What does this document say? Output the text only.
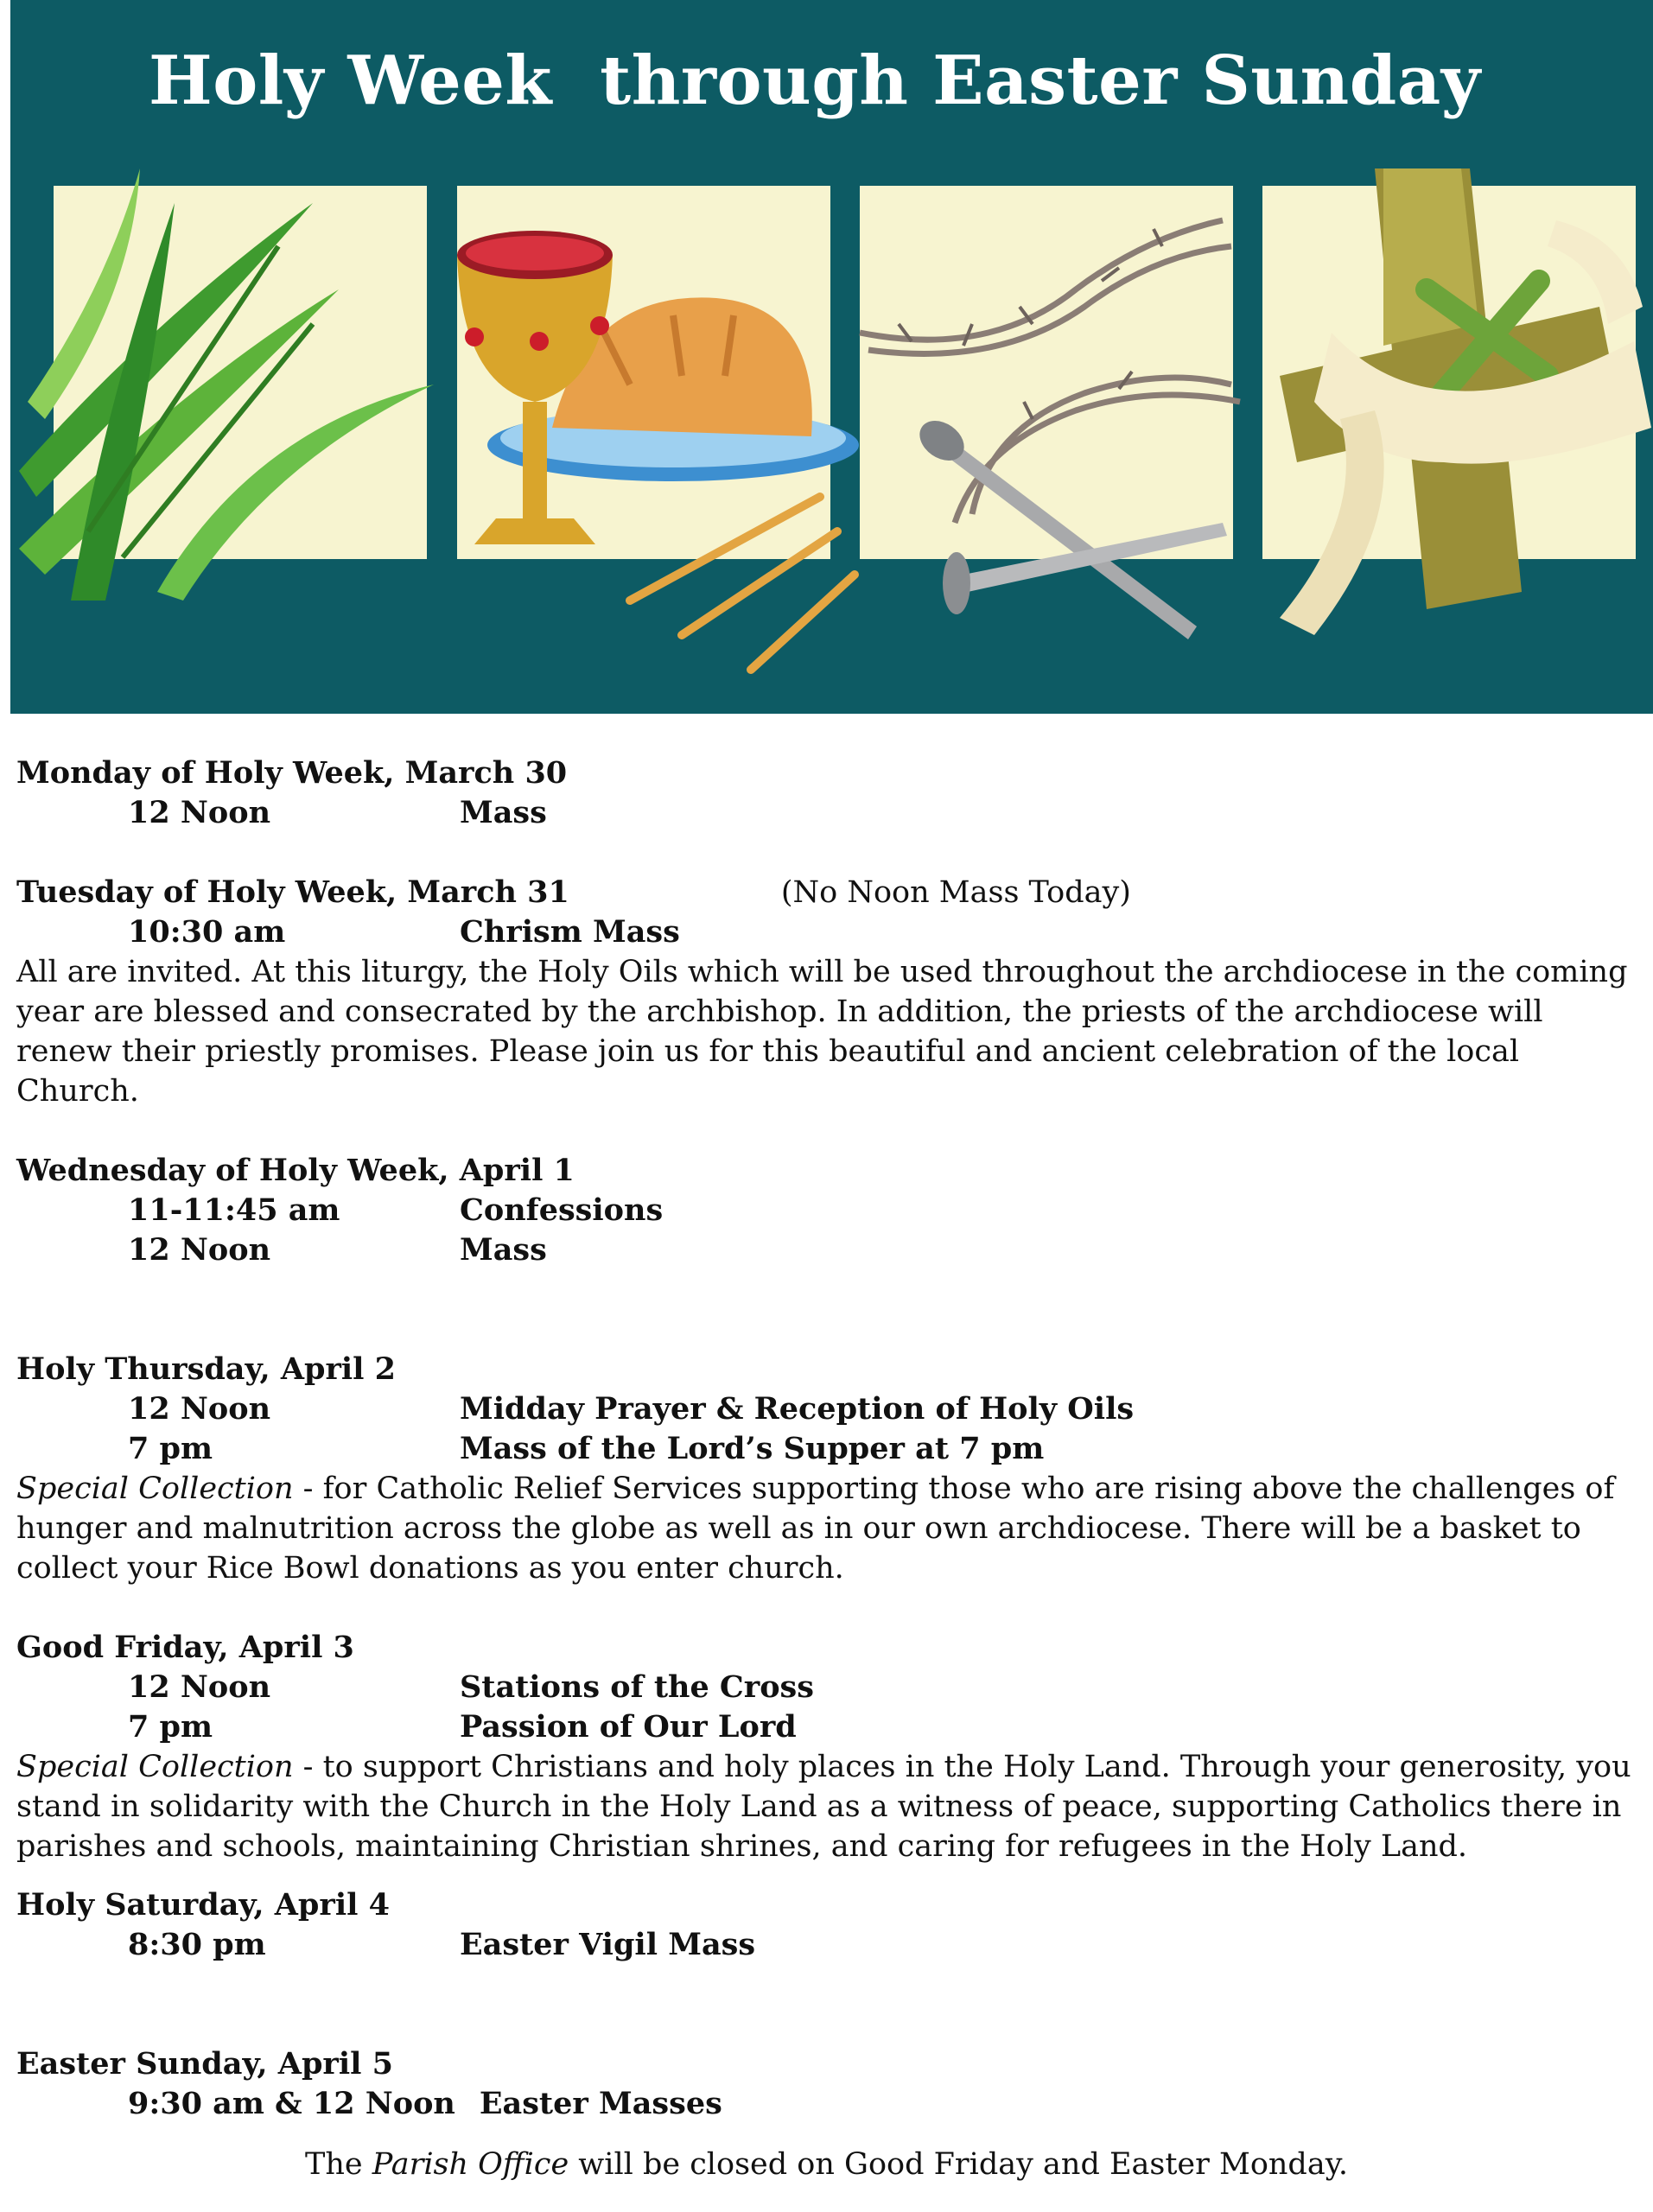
Holy Week  through Easter Sunday
Monday of Holy Week, March 30
12 Noon	Mass
Tuesday of Holy Week, March 31	(No Noon Mass Today)
10:30 am	Chrism Mass
All are invited. At this liturgy, the Holy Oils which will be used throughout the archdiocese in the coming year are blessed and consecrated by the archbishop. In addition, the priests of the archdiocese will renew their priestly promises. Please join us for this beautiful and ancient celebration of the local Church.
Wednesday of Holy Week, April 1
11-11:45 am	Confessions
12 Noon	Mass
Holy Thursday, April 2
12 Noon	Midday Prayer & Reception of Holy Oils
7 pm	Mass of the Lord’s Supper at 7 pm
Special Collection - for Catholic Relief Services supporting those who are rising above the challenges of hunger and malnutrition across the globe as well as in our own archdiocese. There will be a basket to collect your Rice Bowl donations as you enter church.
Good Friday, April 3
12 Noon	Stations of the Cross
7 pm	Passion of Our Lord
Special Collection - to support Christians and holy places in the Holy Land. Through your generosity, you stand in solidarity with the Church in the Holy Land as a witness of peace, supporting Catholics there in parishes and schools, maintaining Christian shrines, and caring for refugees in the Holy Land.
Holy Saturday, April 4
8:30 pm	Easter Vigil Mass
Easter Sunday, April 5
9:30 am & 12 Noon Easter Masses
The Parish Office will be closed on Good Friday and Easter Monday.
